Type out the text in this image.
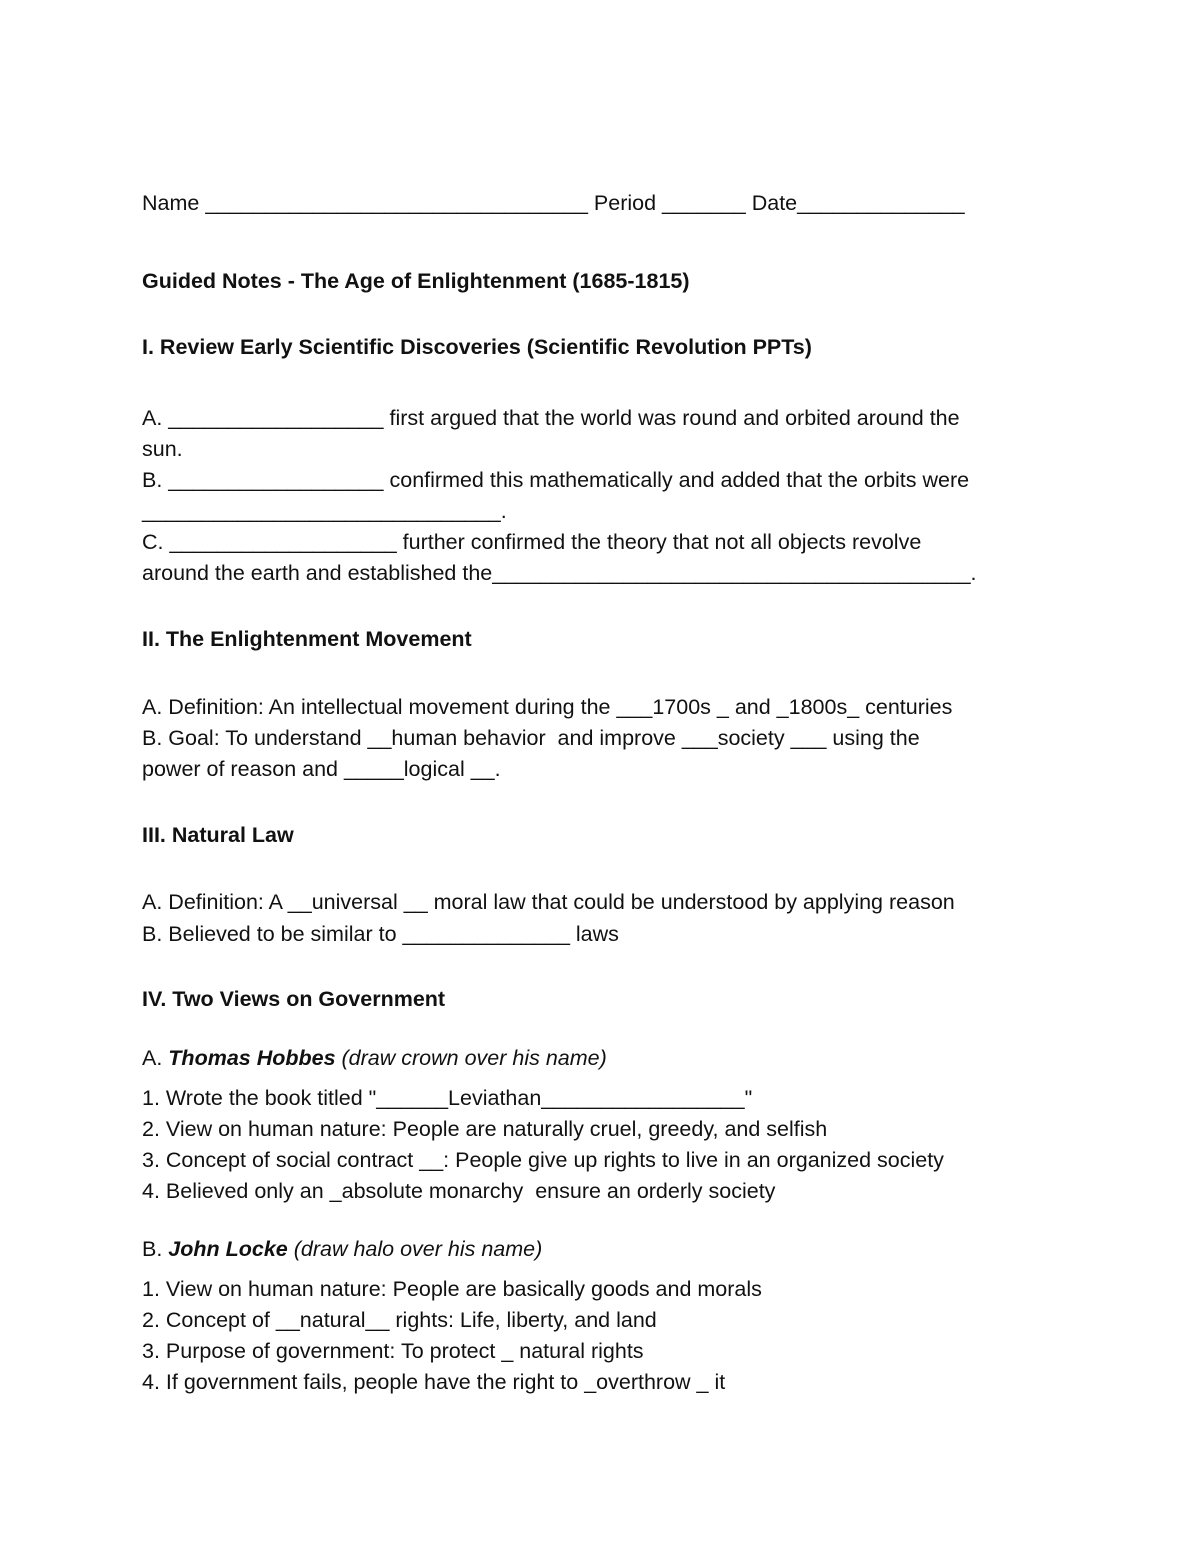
Name ________________________________ Period _______ Date______________
Guided Notes - The Age of Enlightenment (1685-1815)
I. Review Early Scientific Discoveries (Scientific Revolution PPTs)
A. __________________ first argued that the world was round and orbited around the
sun.
B. __________________ confirmed this mathematically and added that the orbits were
______________________________.
C. ___________________ further confirmed the theory that not all objects revolve
around the earth and established the________________________________________.
II. The Enlightenment Movement
A. Definition: An intellectual movement during the ___1700s _ and _1800s_ centuries
B. Goal: To understand __human behavior  and improve ___society ___ using the
power of reason and _____logical __.
III. Natural Law
A. Definition: A __universal __ moral law that could be understood by applying reason
B. Believed to be similar to ______________ laws
IV. Two Views on Government
A. Thomas Hobbes (draw crown over his name)
1. Wrote the book titled "______Leviathan_________________"
2. View on human nature: People are naturally cruel, greedy, and selfish
3. Concept of social contract __: People give up rights to live in an organized society
4. Believed only an _absolute monarchy  ensure an orderly society
B. John Locke (draw halo over his name)
1. View on human nature: People are basically goods and morals
2. Concept of __natural__ rights: Life, liberty, and land
3. Purpose of government: To protect _ natural rights
4. If government fails, people have the right to _overthrow _ it
